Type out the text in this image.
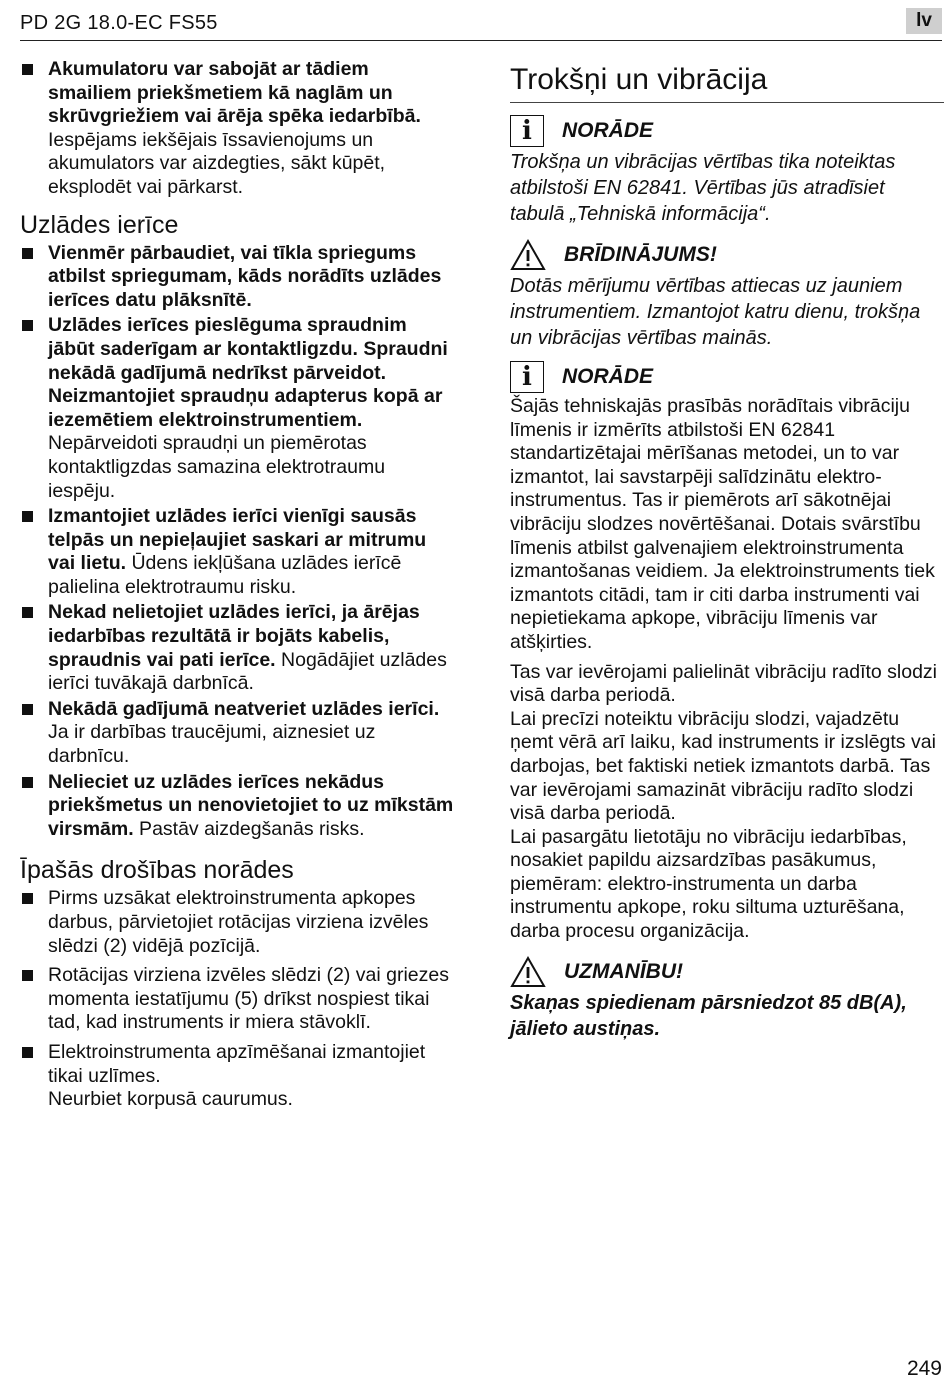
PD 2G 18.0-EC FS55	lv
Akumulatoru var sabojāt ar tādiem smailiem priekšmetiem kā naglām un skrūvgriežiem vai ārēja spēka iedarbībā. Iespējams iekšējais īssavienojums un akumulators var aizdegties, sākt kūpēt, eksplodēt vai pārkarst.
Uzlādes ierīce
Vienmēr pārbaudiet, vai tīkla spriegums atbilst spriegumam, kāds norādīts uzlādes ierīces datu plāksnītē.
Uzlādes ierīces pieslēguma spraudnim jābūt saderīgam ar kontaktligzdu. Spraudni nekādā gadījumā nedrīkst pārveidot. Neizmantojiet spraudņu adapterus kopā ar iezemētiem elektroinstrumentiem. Nepārveidoti spraudņi un piemērotas kontaktligzdas samazina elektrotraumu iespēju.
Izmantojiet uzlādes ierīci vienīgi sausās telpās un nepieļaujiet saskari ar mitrumu vai lietu. Ūdens iekļūšana uzlādes ierīcē palielina elektrotraumu risku.
Nekad nelietojiet uzlādes ierīci, ja ārējas iedarbības rezultātā ir bojāts kabelis, spraudnis vai pati ierīce. Nogādājiet uzlādes ierīci tuvākajā darbnīcā.
Nekādā gadījumā neatveriet uzlādes ierīci. Ja ir darbības traucējumi, aiznesiet uz darbnīcu.
Nelieciet uz uzlādes ierīces nekādus priekšmetus un nenovietojiet to uz mīkstām virsmām. Pastāv aizdegšanās risks.
Īpašās drošības norādes
Pirms uzsākat elektroinstrumenta apkopes darbus, pārvietojiet rotācijas virziena izvēles slēdzi (2) vidējā pozīcijā.
Rotācijas virziena izvēles slēdzi (2) vai griezes momenta iestatījumu (5) drīkst nospiest tikai tad, kad instruments ir miera stāvoklī.
Elektroinstrumenta apzīmēšanai izmantojiet tikai uzlīmes.
Neurbiet korpusā caurumus.
Trokšņi un vibrācija
i	NORĀDE

Trokšņa un vibrācijas vērtības tika noteiktas atbilstoši EN 62841. Vērtības jūs atradīsiet tabulā „Tehniskā informācija“.

BRĪDINĀJUMS!

Dotās mērījumu vērtības attiecas uz jauniem instrumentiem. Izmantojot katru dienu, trokšņa un vibrācijas vērtības mainās.

i	NORĀDE

Šajās tehniskajās prasībās norādītais vibrāciju līmenis ir izmērīts atbilstoši EN 62841 standartizētajai mērīšanas metodei, un to var izmantot, lai savstarpēji salīdzinātu elektro-instrumentus. Tas ir piemērots arī sākotnējai vibrāciju slodzes novērtēšanai. Dotais svārstību līmenis atbilst galvenajiem elektroinstrumenta izmantošanas veidiem. Ja elektroinstruments tiek izmantots citādi, tam ir citi darba instrumenti vai nepietiekama apkope, vibrāciju līmenis var atšķirties.

Tas var ievērojami palielināt vibrāciju radīto slodzi visā darba periodā.

Lai precīzi noteiktu vibrāciju slodzi, vajadzētu ņemt vērā arī laiku, kad instruments ir izslēgts vai darbojas, bet faktiski netiek izmantots darbā. Tas var ievērojami samazināt vibrāciju radīto slodzi visā darba periodā.

Lai pasargātu lietotāju no vibrāciju iedarbības, nosakiet papildu aizsardzības pasākumus, piemēram: elektro-instrumenta un darba instrumentu apkope, roku siltuma uzturēšana, darba procesu organizācija.

UZMANĪBU!

Skaņas spiedienam pārsniedzot 85 dB(A), jālieto austiņas.

249
